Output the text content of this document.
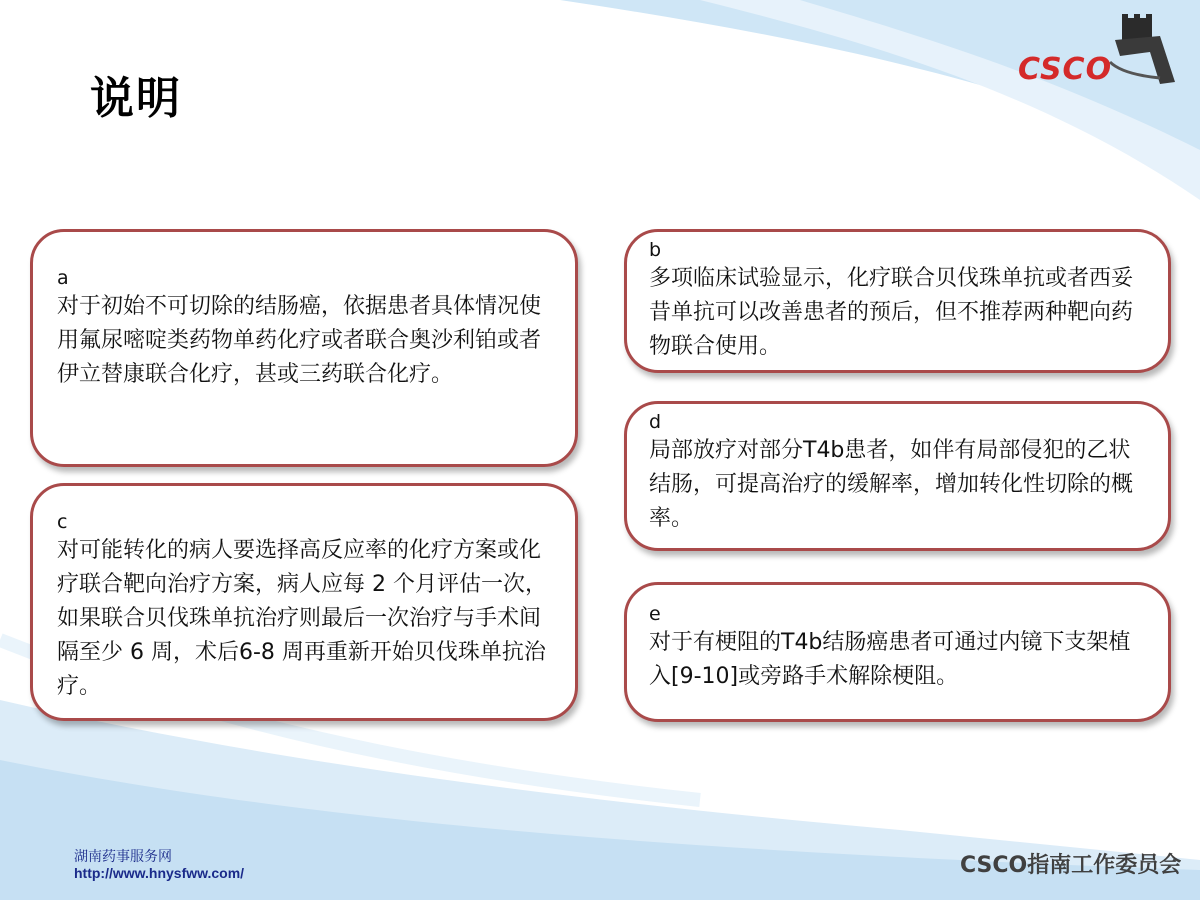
说明
CSCO
a
对于初始不可切除的结肠癌，依据患者具体情况使用氟尿嘧啶类药物单药化疗或者联合奥沙利铂或者伊立替康联合化疗，甚或三药联合化疗。
c
对可能转化的病人要选择高反应率的化疗方案或化疗联合靶向治疗方案，病人应每 2 个月评估一次，如果联合贝伐珠单抗治疗则最后一次治疗与手术间隔至少 6 周，术后6-8 周再重新开始贝伐珠单抗治疗。
b
多项临床试验显示，化疗联合贝伐珠单抗或者西妥昔单抗可以改善患者的预后，但不推荐两种靶向药物联合使用。
d
局部放疗对部分T4b患者，如伴有局部侵犯的乙状结肠，可提高治疗的缓解率，增加转化性切除的概率。
e
对于有梗阻的T4b结肠癌患者可通过内镜下支架植入[9-10]或旁路手术解除梗阻。
湖南药事服务网
http://www.hnysfww.com/	CSCO指南工作委员会
